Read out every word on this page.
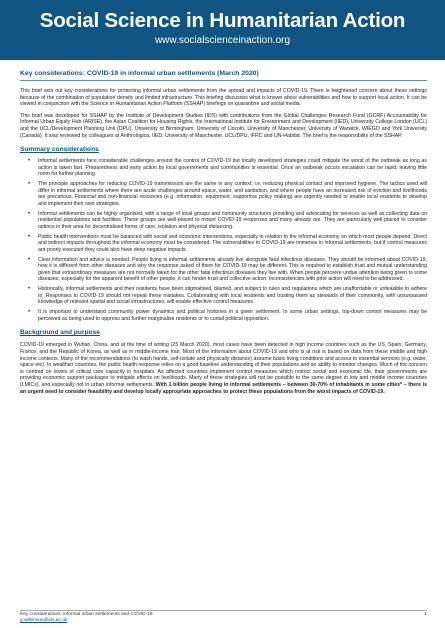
Social Science in Humanitarian Action
www.socialscienceinaction.org
Key considerations: COVID-19 in informal urban settlements (March 2020)

This brief sets out key considerations for protecting informal urban settlements from the spread and impacts of COVID-19. There is heightened concern about these settings because of the combination of population density and limited infrastructure. This briefing discusses what is known about vulnerabilities and how to support local action. It can be viewed in conjunction with the Science in Humanitarian Action Platform (SSHAP) briefings on quarantine and social media.

This brief was developed for SSHAP by the Institute of Development Studies (IDS) with contributions from the Global Challenges Research Fund (GCRF) Accountability for Informal Urban Equity Hub (ARISE), the Asian Coalition for Housing Rights, the International Institute for Environment and Development (IIED), University College London (UCL) and the UCL/Development Planning Unit (DPU), University of Birmingham, University of Lincoln, University of Manchester, University of Warwick, WIEGO and York University (Canada). It was reviewed by colleagues at Anthrologica, IIED, University of Manchester, UCL/DPU, IFRC and UN-Habitat. The brief is the responsibility of the SSHAP.

Summary considerations
• Informal settlements face considerable challenges around the control of COVID-19 but locally developed strategies could mitigate the worst of the outbreak as long as action is taken fast. Preparedness and early action by local governments and communities is essential. Once an outbreak occurs escalation can be rapid, leaving little room for further planning.
• The principle approaches for reducing COVID-19 transmission are the same in any context; i.e. reducing physical contact and improved hygiene. The tactics used will differ in informal settlements where there are acute challenges around space, water, and sanitation, and where people have an increased risk of eviction and livelihoods are precarious. Financial and non-financial resources (e.g. information, equipment, supportive policy making) are urgently needed to enable local residents to develop and implement their own strategies.
• Informal settlements can be highly organised, with a range of local groups and community structures providing and advocating for services as well as collecting data on residential populations and facilities. These groups are well-placed to mount COVID-19 responses and many already are. They are particularly well-placed to consider options in their area for decentralised forms of care, isolation and physical distancing.
• Public health interventions must be balanced with social and economic interventions, especially in relation to the informal economy on which most people depend. Direct and indirect impacts throughout the informal economy must be considered. The vulnerabilities to COVID-19 are immense in informal settlements, but if control measures are poorly executed they could also have deep negative impacts.
• Clear information and advice is needed. People living in informal settlements already live alongside fatal infectious diseases. They should be informed about COVID-19, how it is different from other diseases and why the response asked of them for COVID-19 may be different. This is required to establish trust and mutual understanding given that extraordinary measures are not normally taken for the other fatal infectious diseases they live with. When people perceive undue attention being given to some diseases, especially for the apparent benefit of other people, it can hinder trust and collective action. Inconsistencies with prior action will need to be addressed.
• Historically, informal settlements and their residents have been stigmatised, blamed, and subject to rules and regulations which are unaffordable or unfeasible to adhere to. Responses to COVID-19 should not repeat these mistakes. Collaborating with local residents and trusting them as stewards of their community, with unsurpassed knowledge of relevant spatial and social infrastructures, will enable effective control measures.
• It is important to understand community power dynamics and political histories in a given settlement. In some urban settings, top-down control measures may be perceived as being used to oppress and further marginalise residents or to curtail political opposition.
Background and purpose

COVID-19 emerged in Wuhan, China, and at the time of writing (25 March 2020), most cases have been detected in high income countries such as the US, Spain, Germany, France, and the Republic of Korea, as well as in middle-income Iran. Most of the information about COVID-19 and who is at risk is based on data from these middle and high income contexts. Many of the recommendations (to wash hands, self-isolate and physically distance) assume basic living conditions and access to essential services (e.g. water, space etc). In wealthier countries, the public health response relies on a good baseline understanding of their populations and an ability to monitor changes. Much of the concern is centred on levels of critical care capacity in hospitals. As affected countries implement control measures which restrict social and economic life, their governments are providing economic support packages to mitigate effects on livelihoods. Many of these strategies will not be possible to the same degree in low and middle income countries (LMICs), and especially not in urban informal settlements. With 1 billion people living in informal settlements – between 30-70% of inhabitants in some cities* – there is an urgent need to consider feasibility and develop locally appropriate approaches to protect these populations from the worst impacts of COVID-19.

Key considerations: informal urban settlements and COVID-19
g.wilkinson@ids.ac.uk
1
